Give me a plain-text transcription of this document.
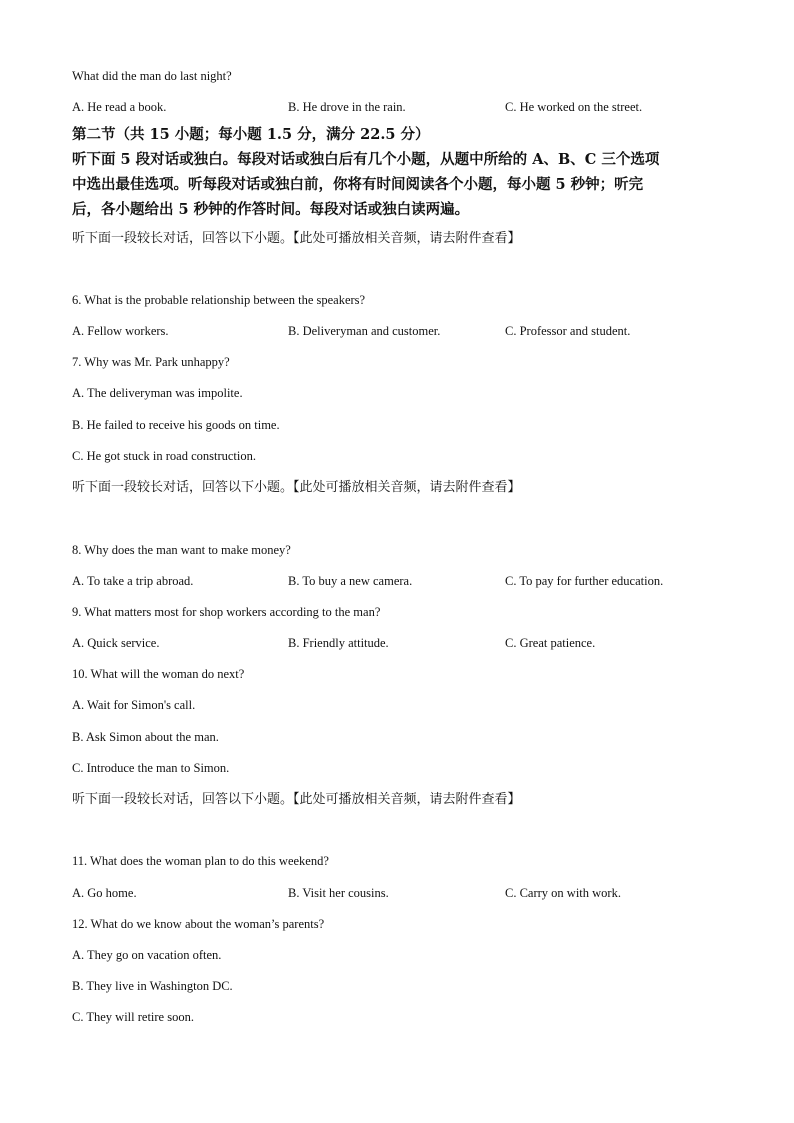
What did the man do last night?
A. He read a book.	B. He drove in the rain.	C. He worked on the street.
第二节（共 15 小题；每小题 1.5 分，满分 22.5 分）
听下面 5 段对话或独白。每段对话或独白后有几个小题，从题中所给的 A、B、C 三个选项
中选出最佳选项。听每段对话或独白前，你将有时间阅读各个小题，每小题 5 秒钟；听完
后，各小题给出 5 秒钟的作答时间。每段对话或独白读两遍。
听下面一段较长对话，回答以下小题。【此处可播放相关音频，请去附件查看】
6. What is the probable relationship between the speakers?
A. Fellow workers.	B. Deliveryman and customer.	C. Professor and student.
7. Why was Mr. Park unhappy?
A. The deliveryman was impolite.
B. He failed to receive his goods on time.
C. He got stuck in road construction.
听下面一段较长对话，回答以下小题。【此处可播放相关音频，请去附件查看】
8. Why does the man want to make money?
A. To take a trip abroad.	B. To buy a new camera.	C. To pay for further education.
9. What matters most for shop workers according to the man?
A. Quick service.	B. Friendly attitude.	C. Great patience.
10. What will the woman do next?
A. Wait for Simon's call.
B. Ask Simon about the man.
C. Introduce the man to Simon.
听下面一段较长对话，回答以下小题。【此处可播放相关音频，请去附件查看】
11. What does the woman plan to do this weekend?
A. Go home.	B. Visit her cousins.	C. Carry on with work.
12. What do we know about the woman’s parents?
A. They go on vacation often.
B. They live in Washington DC.
C. They will retire soon.
